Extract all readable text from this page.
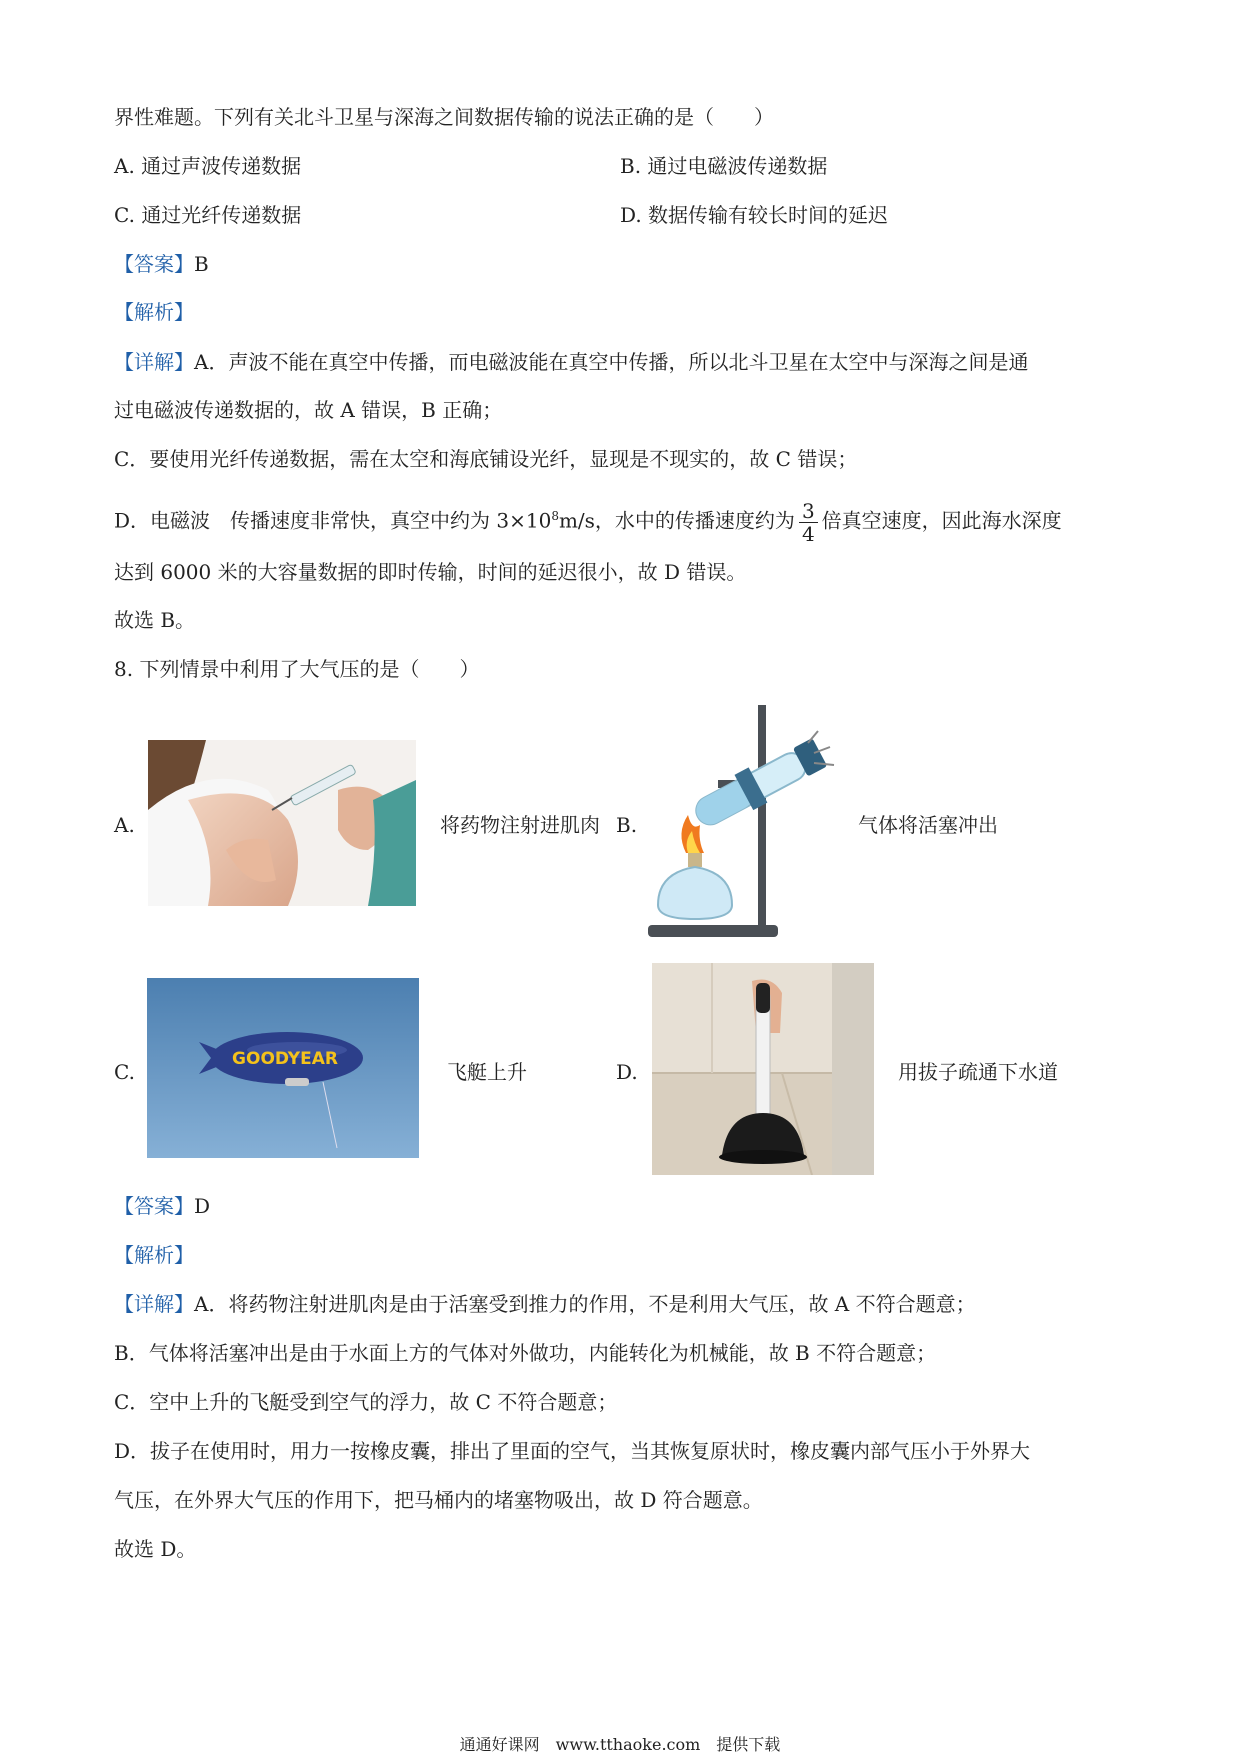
界性难题。下列有关北斗卫星与深海之间数据传输的说法正确的是（　　）
A. 通过声波传递数据	B. 通过电磁波传递数据
C. 通过光纤传递数据	D. 数据传输有较长时间的延迟
【答案】B
【解析】
【详解】A．声波不能在真空中传播，而电磁波能在真空中传播，所以北斗卫星在太空中与深海之间是通
过电磁波传递数据的，故 A 错误，B 正确；
C．要使用光纤传递数据，需在太空和海底铺设光纤，显现是不现实的，故 C 错误；
D．电磁波　传播速度非常快，真空中约为 $3\times 10^8m/s$，水中的传播速度约为 $\frac{3}{4}$ 倍真空速度，因此海水深度
达到 6000 米的大容量数据的即时传输，时间的延迟很小，故 D 错误。
故选 B。
8. 下列情景中利用了大气压的是（　　）
A.	将药物注射进肌肉 B.	气体将活塞冲出
C.
GOODYEAR
飞艇上升	D.	用拔子疏通下水道
【答案】D
【解析】
【详解】A．将药物注射进肌肉是由于活塞受到推力的作用，不是利用大气压，故 A 不符合题意；
B．气体将活塞冲出是由于水面上方的气体对外做功，内能转化为机械能，故 B 不符合题意；
C．空中上升的飞艇受到空气的浮力，故 C 不符合题意；
D．拔子在使用时，用力一按橡皮囊，排出了里面的空气，当其恢复原状时，橡皮囊内部气压小于外界大
气压，在外界大气压的作用下，把马桶内的堵塞物吸出，故 D 符合题意。
故选 D。
通通好课网　www.tthaoke.com　提供下载
